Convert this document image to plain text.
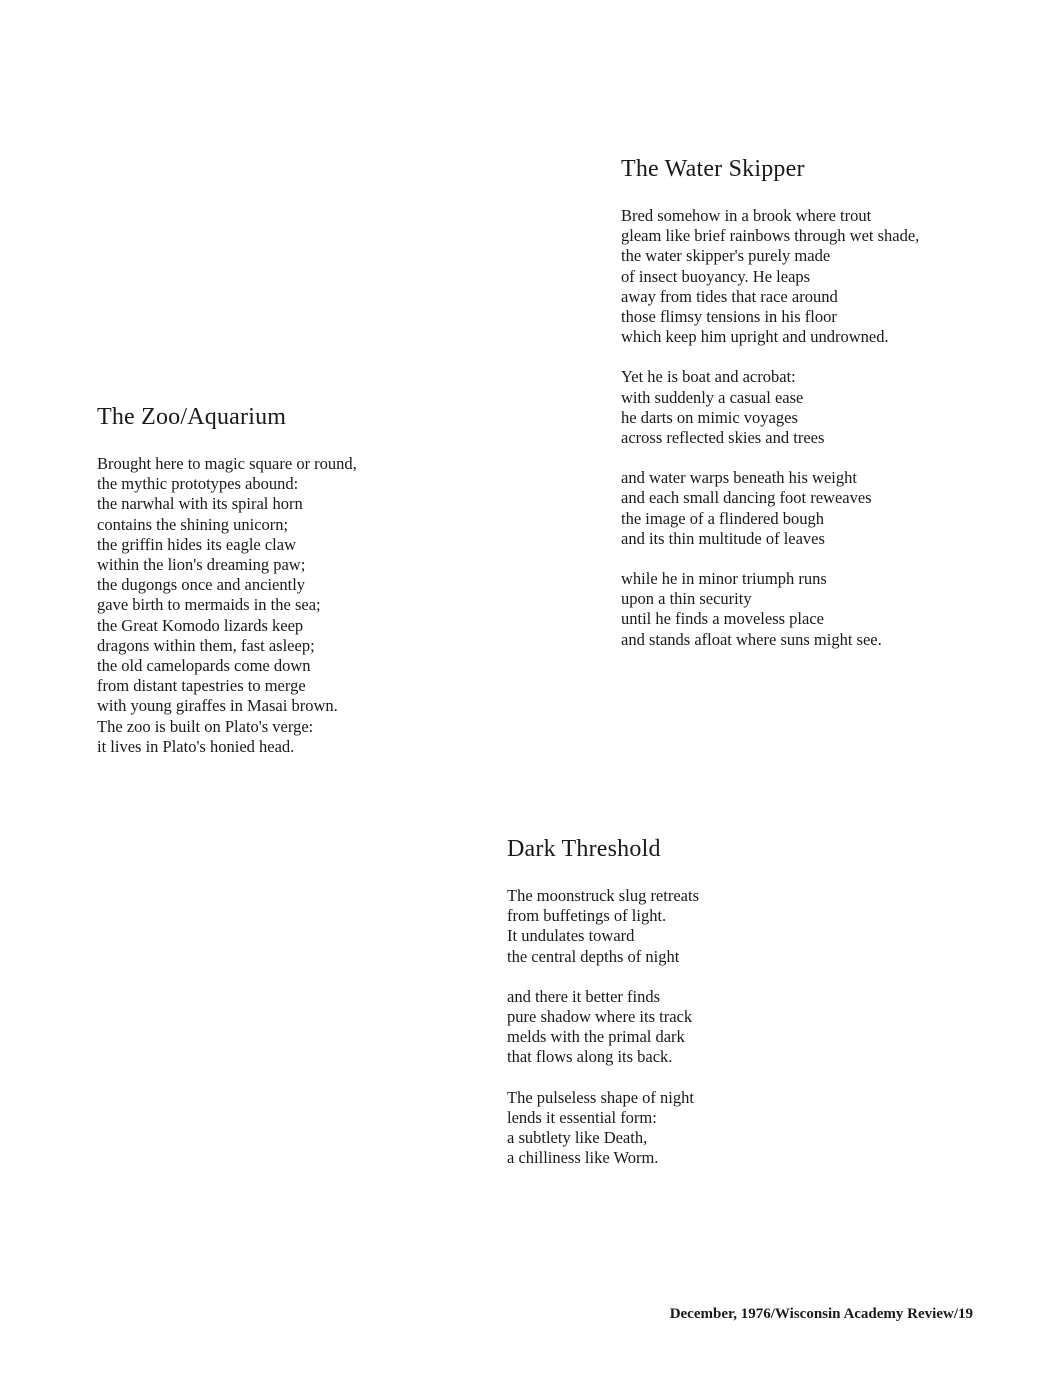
The Water Skipper
Bred somehow in a brook where trout
gleam like brief rainbows through wet shade,
the water skipper's purely made
of insect buoyancy. He leaps
away from tides that race around
those flimsy tensions in his floor
which keep him upright and undrowned.
Yet he is boat and acrobat:
with suddenly a casual ease
he darts on mimic voyages
across reflected skies and trees
and water warps beneath his weight
and each small dancing foot reweaves
the image of a flindered bough
and its thin multitude of leaves
while he in minor triumph runs
upon a thin security
until he finds a moveless place
and stands afloat where suns might see.
The Zoo/Aquarium
Brought here to magic square or round,
the mythic prototypes abound:
the narwhal with its spiral horn
contains the shining unicorn;
the griffin hides its eagle claw
within the lion's dreaming paw;
the dugongs once and anciently
gave birth to mermaids in the sea;
the Great Komodo lizards keep
dragons within them, fast asleep;
the old camelopards come down
from distant tapestries to merge
with young giraffes in Masai brown.
The zoo is built on Plato's verge:
it lives in Plato's honied head.
Dark Threshold
The moonstruck slug retreats
from buffetings of light.
It undulates toward
the central depths of night
and there it better finds
pure shadow where its track
melds with the primal dark
that flows along its back.
The pulseless shape of night
lends it essential form:
a subtlety like Death,
a chilliness like Worm.
December, 1976/Wisconsin Academy Review/19
